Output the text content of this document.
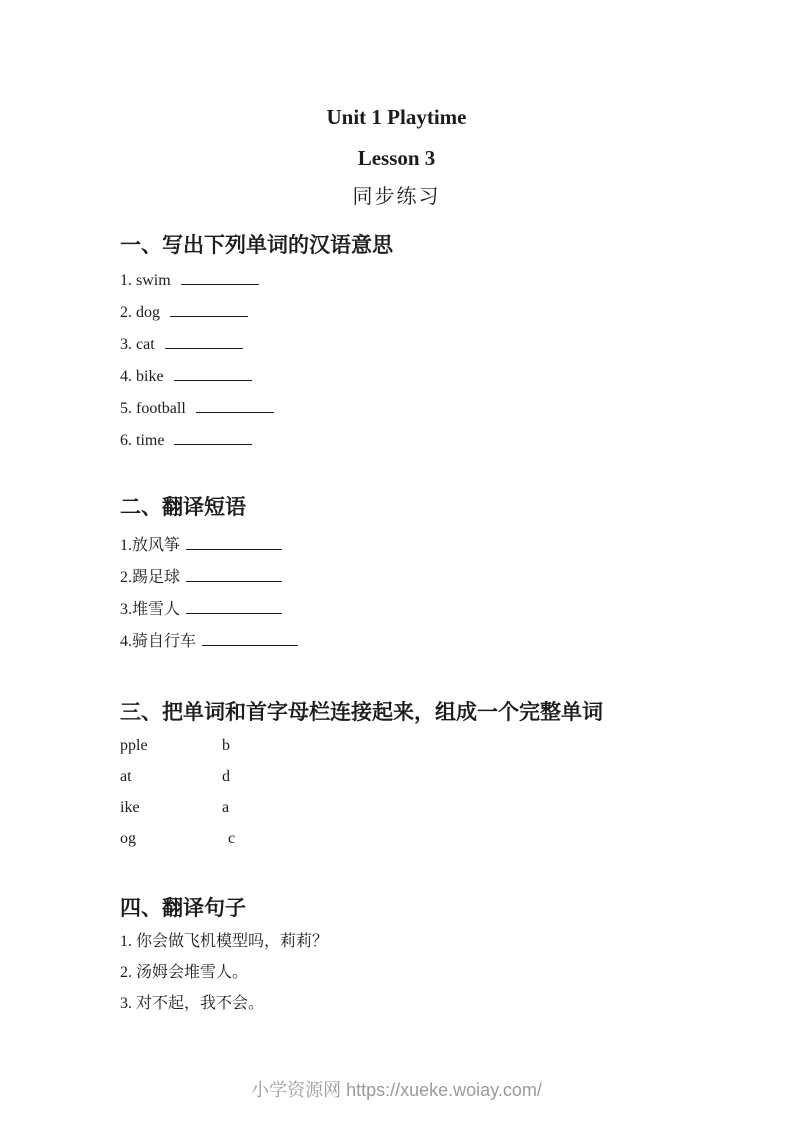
Unit 1 Playtime
Lesson 3
同步练习
一、写出下列单词的汉语意思
1. swim
2. dog
3. cat
4. bike
5. football
6. time
二、翻译短语
1.放风筝
2.踢足球
3.堆雪人
4.骑自行车
三、把单词和首字母栏连接起来，组成一个完整单词
pple	b
at	d
ike	a
og	c
四、翻译句子
1. 你会做飞机模型吗，莉莉？
2. 汤姆会堆雪人。
3. 对不起，我不会。
小学资源网 https://xueke.woiay.com/
